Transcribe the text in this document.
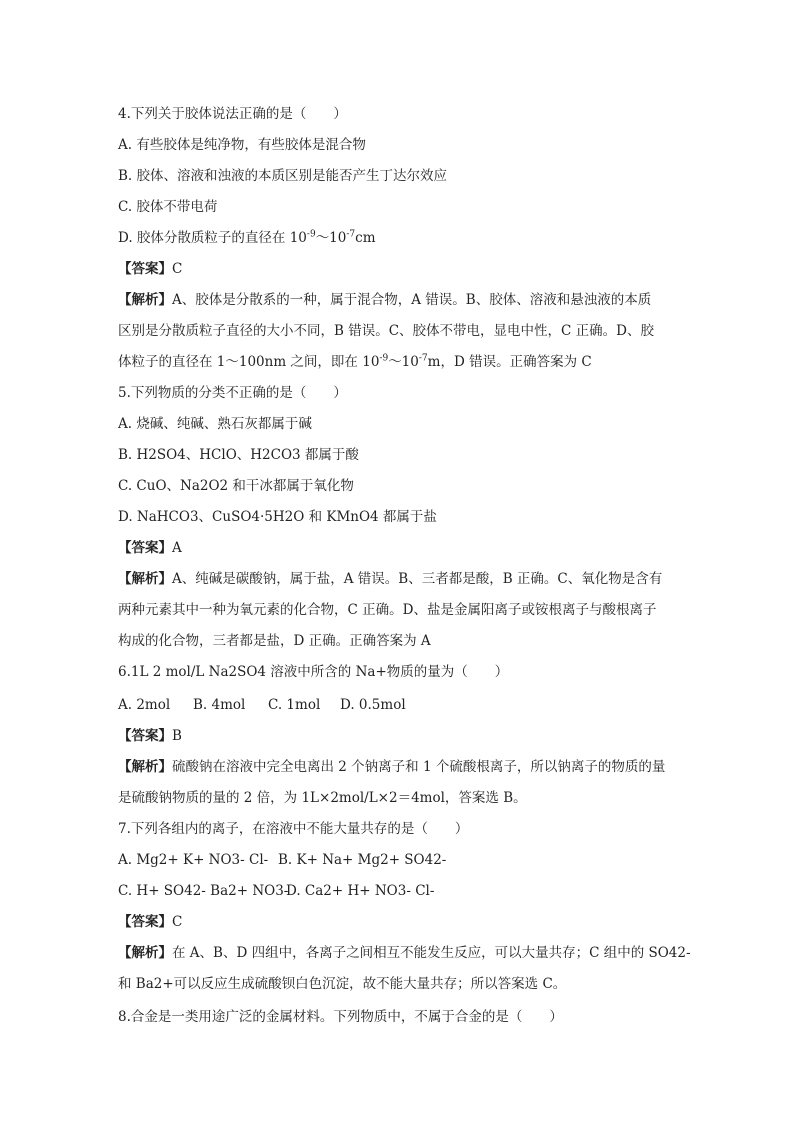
4.下列关于胶体说法正确的是（　　）
A. 有些胶体是纯净物，有些胶体是混合物
B. 胶体、溶液和浊液的本质区别是能否产生丁达尔效应
C. 胶体不带电荷
D. 胶体分散质粒子的直径在 $10^{-9}\sim 10^{-7}cm$
【答案】C
【解析】A、胶体是分散系的一种，属于混合物，A 错误。B、胶体、溶液和悬浊液的本质
区别是分散质粒子直径的大小不同，B 错误。C、胶体不带电，显电中性，C 正确。D、胶
体粒子的直径在 1～100nm 之间，即在 $10^{-9}\sim 10^{-7}m$，D 错误。正确答案为 C
5.下列物质的分类不正确的是（　　）
A. 烧碱、纯碱、熟石灰都属于碱
B. H2SO4、HClO、H2CO3 都属于酸
C. CuO、Na2O2 和干冰都属于氧化物
D. NaHCO3、CuSO4·5H2O 和 KMnO4 都属于盐
【答案】A
【解析】A、纯碱是碳酸钠，属于盐，A 错误。B、三者都是酸，B 正确。C、氧化物是含有
两种元素其中一种为氧元素的化合物，C 正确。D、盐是金属阳离子或铵根离子与酸根离子
构成的化合物，三者都是盐，D 正确。正确答案为 A
6.1L 2 mol/L Na2SO4 溶液中所含的 Na+物质的量为（　　）
A. 2mol B. 4mol C. 1mol D. 0.5mol
【答案】B
【解析】硫酸钠在溶液中完全电离出 2 个钠离子和 1 个硫酸根离子，所以钠离子的物质的量
是硫酸钠物质的量的 2 倍，为 1L×2mol/L×2＝4mol，答案选 B。
7.下列各组内的离子，在溶液中不能大量共存的是（　　）
A. Mg2+ K+ NO3- Cl- B. K+ Na+ Mg2+ SO42-
C. H+ SO42- Ba2+ NO3-D. Ca2+ H+ NO3- Cl-
【答案】C
【解析】在 A、B、D 四组中，各离子之间相互不能发生反应，可以大量共存；C 组中的 SO42-
和 Ba2+可以反应生成硫酸钡白色沉淀，故不能大量共存；所以答案选 C。
8.合金是一类用途广泛的金属材料。下列物质中，不属于合金的是（　　）
